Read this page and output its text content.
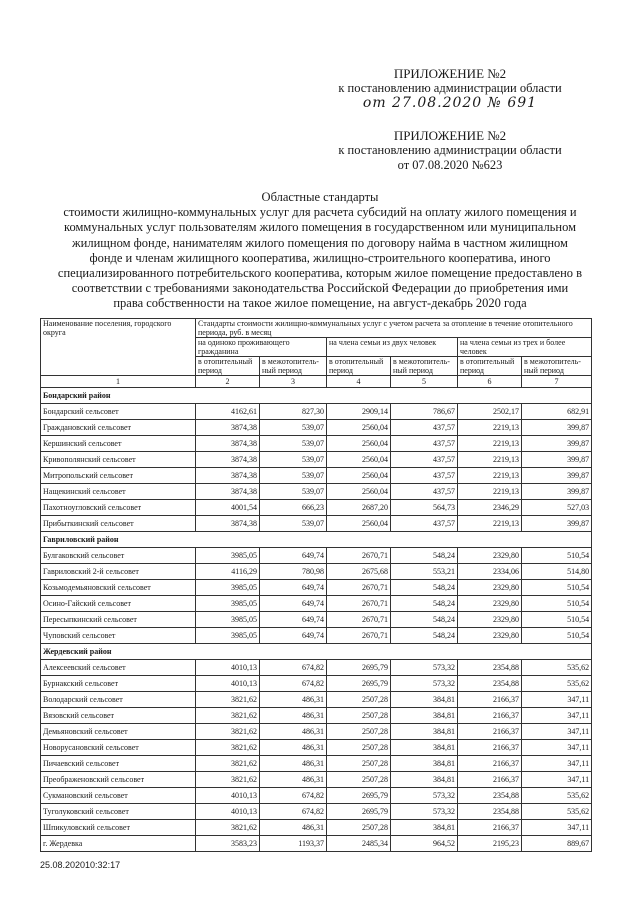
ПРИЛОЖЕНИЕ №2
к постановлению администрации области
от 27.08.2020 № 691
ПРИЛОЖЕНИЕ №2
к постановлению администрации области
от 07.08.2020 №623
Областные стандарты
стоимости жилищно-коммунальных услуг для расчета субсидий на оплату жилого помещения и
коммунальных услуг пользователям жилого помещения в государственном или муниципальном
жилищном фонде, нанимателям жилого помещения по договору найма в частном жилищном
фонде и членам жилищного кооператива, жилищно-строительного кооператива, иного
специализированного потребительского кооператива, которым жилое помещение предоставлено в
соответствии с требованиями законодательства Российской Федерации до приобретения ими
права собственности на такое жилое помещение, на август-декабрь 2020 года
Наименование поселения, городского округа	Стандарты стоимости жилищно-коммунальных услуг с учетом расчета за отопление в течение отопительного периода, руб. в месяц					
	на одиноко проживающего гражданина		на члена семьи из двух человек		на члена семьи из трех и более человек	
	в отопительный период	в межотопитель-ный период	в отопительный период	в межотопитель-ный период	в отопительный период	в межотопитель-ный период
1	2	3	4	5	6	7
Бондарский район						
Бондарский сельсовет	4162,61	827,30	2909,14	786,67	2502,17	682,91
Граждановский сельсовет	3874,38	539,07	2560,04	437,57	2219,13	399,87
Кершинский сельсовет	3874,38	539,07	2560,04	437,57	2219,13	399,87
Кривополянский сельсовет	3874,38	539,07	2560,04	437,57	2219,13	399,87
Митропольский сельсовет	3874,38	539,07	2560,04	437,57	2219,13	399,87
Нащекинский сельсовет	3874,38	539,07	2560,04	437,57	2219,13	399,87
Пахотноугловский сельсовет	4001,54	666,23	2687,20	564,73	2346,29	527,03
Прибыткинский сельсовет	3874,38	539,07	2560,04	437,57	2219,13	399,87
Гавриловский район						
Булгаковский сельсовет	3985,05	649,74	2670,71	548,24	2329,80	510,54
Гавриловский 2-й сельсовет	4116,29	780,98	2675,68	553,21	2334,06	514,80
Козьмодемьяновский сельсовет	3985,05	649,74	2670,71	548,24	2329,80	510,54
Осино-Гайский сельсовет	3985,05	649,74	2670,71	548,24	2329,80	510,54
Пересыпкинский сельсовет	3985,05	649,74	2670,71	548,24	2329,80	510,54
Чуповский сельсовет	3985,05	649,74	2670,71	548,24	2329,80	510,54
Жердевский район						
Алексеевский сельсовет	4010,13	674,82	2695,79	573,32	2354,88	535,62
Бурнакский сельсовет	4010,13	674,82	2695,79	573,32	2354,88	535,62
Володарский сельсовет	3821,62	486,31	2507,28	384,81	2166,37	347,11
Вязовский сельсовет	3821,62	486,31	2507,28	384,81	2166,37	347,11
Демьяновский сельсовет	3821,62	486,31	2507,28	384,81	2166,37	347,11
Новорусановский сельсовет	3821,62	486,31	2507,28	384,81	2166,37	347,11
Пичаевский сельсовет	3821,62	486,31	2507,28	384,81	2166,37	347,11
Преображеновский сельсовет	3821,62	486,31	2507,28	384,81	2166,37	347,11
Сукмановский сельсовет	4010,13	674,82	2695,79	573,32	2354,88	535,62
Туголуковский сельсовет	4010,13	674,82	2695,79	573,32	2354,88	535,62
Шпикуловский сельсовет	3821,62	486,31	2507,28	384,81	2166,37	347,11
г. Жердевка	3583,23	1193,37	2485,34	964,52	2195,23	889,67
25.08.202010:32:17
